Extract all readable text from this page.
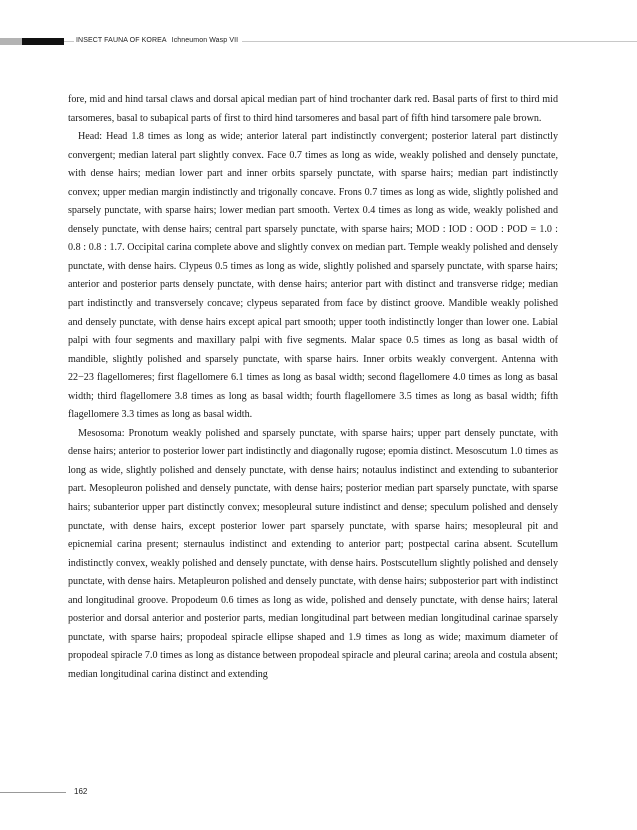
INSECT FAUNA OF KOREA Ichneumon Wasp VII

fore, mid and hind tarsal claws and dorsal apical median part of hind trochanter dark red. Basal parts of first to third mid tarsomeres, basal to subapical parts of first to third hind tarsomeres and basal part of fifth hind tarsomere pale brown.

Head: Head 1.8 times as long as wide; anterior lateral part indistinctly convergent; posterior lateral part distinctly convergent; median lateral part slightly convex. Face 0.7 times as long as wide, weakly polished and densely punctate, with dense hairs; median lower part and inner orbits sparsely punctate, with sparse hairs; median part indistinctly convex; upper median margin indistinctly and trigonally concave. Frons 0.7 times as long as wide, slightly polished and sparsely punctate, with sparse hairs; lower median part smooth. Vertex 0.4 times as long as wide, weakly polished and densely punctate, with dense hairs; central part sparsely punctate, with sparse hairs; MOD : IOD : OOD : POD = 1.0 : 0.8 : 0.8 : 1.7. Occipital carina complete above and slightly convex on median part. Temple weakly polished and densely punctate, with dense hairs. Clypeus 0.5 times as long as wide, slightly polished and sparsely punctate, with sparse hairs; anterior and posterior parts densely punctate, with dense hairs; anterior part with distinct and transverse ridge; median part indistinctly and transversely concave; clypeus separated from face by distinct groove. Mandible weakly polished and densely punctate, with dense hairs except apical part smooth; upper tooth indistinctly longer than lower one. Labial palpi with four segments and maxillary palpi with five segments. Malar space 0.5 times as long as basal width of mandible, slightly polished and sparsely punctate, with sparse hairs. Inner orbits weakly convergent. Antenna with 22−23 flagellomeres; first flagellomere 6.1 times as long as basal width; second flagellomere 4.0 times as long as basal width; third flagellomere 3.8 times as long as basal width; fourth flagellomere 3.5 times as long as basal width; fifth flagellomere 3.3 times as long as basal width.

Mesosoma: Pronotum weakly polished and sparsely punctate, with sparse hairs; upper part densely punctate, with dense hairs; anterior to posterior lower part indistinctly and diagonally rugose; epomia distinct. Mesoscutum 1.0 times as long as wide, slightly polished and densely punctate, with dense hairs; notaulus indistinct and extending to subanterior part. Mesopleuron polished and densely punctate, with dense hairs; posterior median part sparsely punctate, with sparse hairs; subanterior upper part distinctly convex; mesopleural suture indistinct and dense; speculum polished and densely punctate, with dense hairs, except posterior lower part sparsely punctate, with sparse hairs; mesopleural pit and epicnemial carina present; sternaulus indistinct and extending to anterior part; postpectal carina absent. Scutellum indistinctly convex, weakly polished and densely punctate, with dense hairs. Postscutellum slightly polished and densely punctate, with dense hairs. Metapleuron polished and densely punctate, with dense hairs; subposterior part with indistinct and longitudinal groove. Propodeum 0.6 times as long as wide, polished and densely punctate, with dense hairs; lateral posterior and dorsal anterior and posterior parts, median longitudinal part between median longitudinal carinae sparsely punctate, with sparse hairs; propodeal spiracle ellipse shaped and 1.9 times as long as wide; maximum diameter of propodeal spiracle 7.0 times as long as distance between propodeal spiracle and pleural carina; areola and costula absent; median longitudinal carina distinct and extending

162
